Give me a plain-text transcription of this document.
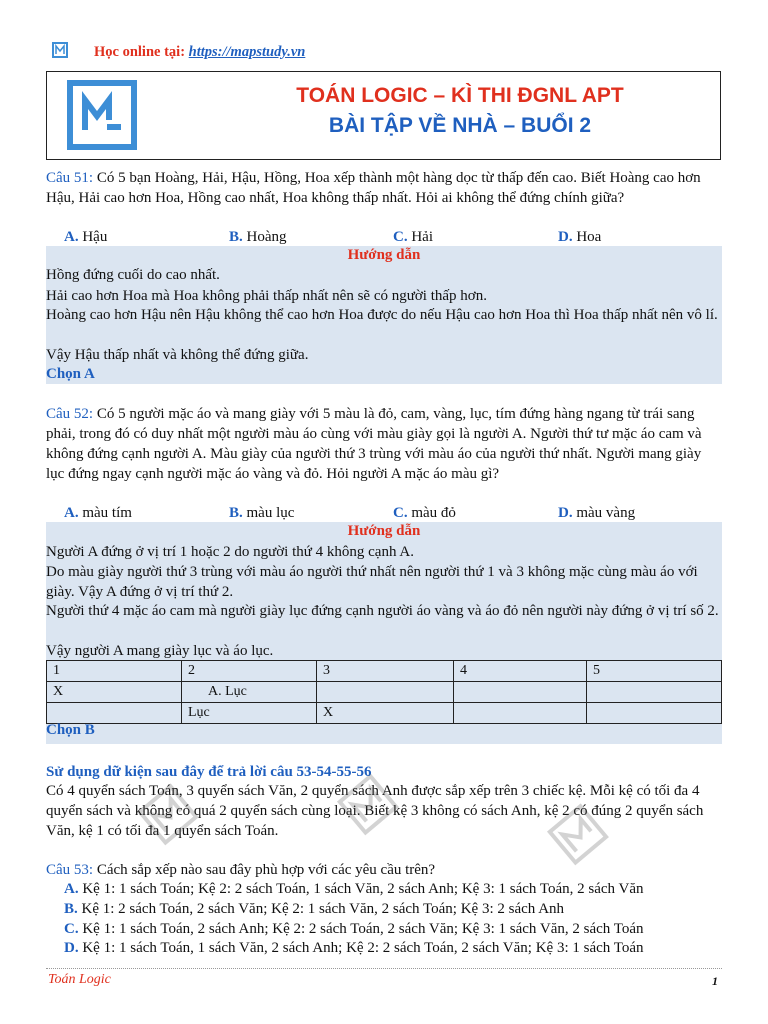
Học online tại: https://mapstudy.vn
TOÁN LOGIC – KÌ THI ĐGNL APT
BÀI TẬP VỀ NHÀ – BUỔI 2
Câu 51: Có 5 bạn Hoàng, Hải, Hậu, Hồng, Hoa xếp thành một hàng dọc từ thấp đến cao. Biết Hoàng cao hơn Hậu, Hải cao hơn Hoa, Hồng cao nhất, Hoa không thấp nhất. Hỏi ai không thể đứng chính giữa?
A. Hậu	B. Hoàng	C. Hải	D. Hoa
Hướng dẫn
Hồng đứng cuối do cao nhất.
Hải cao hơn Hoa mà Hoa không phải thấp nhất nên sẽ có người thấp hơn.
Hoàng cao hơn Hậu nên Hậu không thể cao hơn Hoa được do nếu Hậu cao hơn Hoa thì Hoa thấp nhất nên vô lí.
Vậy Hậu thấp nhất và không thể đứng giữa.
Chọn A
Câu 52: Có 5 người mặc áo và mang giày với 5 màu là đỏ, cam, vàng, lục, tím đứng hàng ngang từ trái sang phải, trong đó có duy nhất một người màu áo cùng với màu giày gọi là người A. Người thứ tư mặc áo cam và không đứng cạnh người A. Màu giày của người thứ 3 trùng với màu áo của người thứ nhất. Người mang giày lục đứng ngay cạnh người mặc áo vàng và đỏ. Hỏi người A mặc áo màu gì?
A. màu tím	B. màu lục	C. màu đỏ	D. màu vàng
Hướng dẫn
Người A đứng ở vị trí 1 hoặc 2 do người thứ 4 không cạnh A.
Do màu giày người thứ 3 trùng với màu áo người thứ nhất nên người thứ 1 và 3 không mặc cùng màu áo với giày. Vậy A đứng ở vị trí thứ 2.
Người thứ 4 mặc áo cam mà người giày lục đứng cạnh người áo vàng và áo đỏ nên người này đứng ở vị trí số 2.
Vậy người A mang giày lục và áo lục.
1	2	3	4	5
X	A. Lục			
	Lục	X		
Chọn B
Sử dụng dữ kiện sau đây để trả lời câu 53-54-55-56
Có 4 quyển sách Toán, 3 quyển sách Văn, 2 quyển sách Anh được sắp xếp trên 3 chiếc kệ. Mỗi kệ có tối đa 4 quyển sách và không có quá 2 quyển sách cùng loại. Biết kệ 3 không có sách Anh, kệ 2 có đúng 2 quyển sách Văn, kệ 1 có tối đa 1 quyển sách Toán.
Câu 53: Cách sắp xếp nào sau đây phù hợp với các yêu cầu trên?
A. Kệ 1: 1 sách Toán; Kệ 2: 2 sách Toán, 1 sách Văn, 2 sách Anh; Kệ 3: 1 sách Toán, 2 sách Văn
B. Kệ 1: 2 sách Toán, 2 sách Văn; Kệ 2: 1 sách Văn, 2 sách Toán; Kệ 3: 2 sách Anh
C. Kệ 1: 1 sách Toán, 2 sách Anh; Kệ 2: 2 sách Toán, 2 sách Văn; Kệ 3: 1 sách Văn, 2 sách Toán
D. Kệ 1: 1 sách Toán, 1 sách Văn, 2 sách Anh; Kệ 2: 2 sách Toán, 2 sách Văn; Kệ 3: 1 sách Toán
Toán Logic	1
